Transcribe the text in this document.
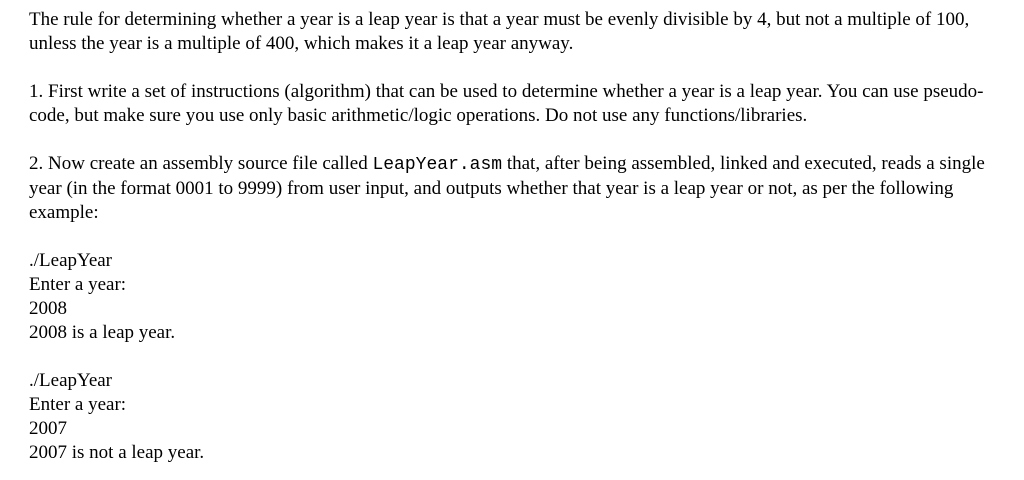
The rule for determining whether a year is a leap year is that a year must be evenly divisible by 4, but not a multiple of 100, unless the year is a multiple of 400, which makes it a leap year anyway.

1. First write a set of instructions (algorithm) that can be used to determine whether a year is a leap year. You can use pseudo-code, but make sure you use only basic arithmetic/logic operations. Do not use any functions/libraries.

2. Now create an assembly source file called LeapYear.asm that, after being assembled, linked and executed, reads a single year (in the format 0001 to 9999) from user input, and outputs whether that year is a leap year or not, as per the following example:

./LeapYear

Enter a year:

2008

2008 is a leap year.

./LeapYear

Enter a year:

2007

2007 is not a leap year.
